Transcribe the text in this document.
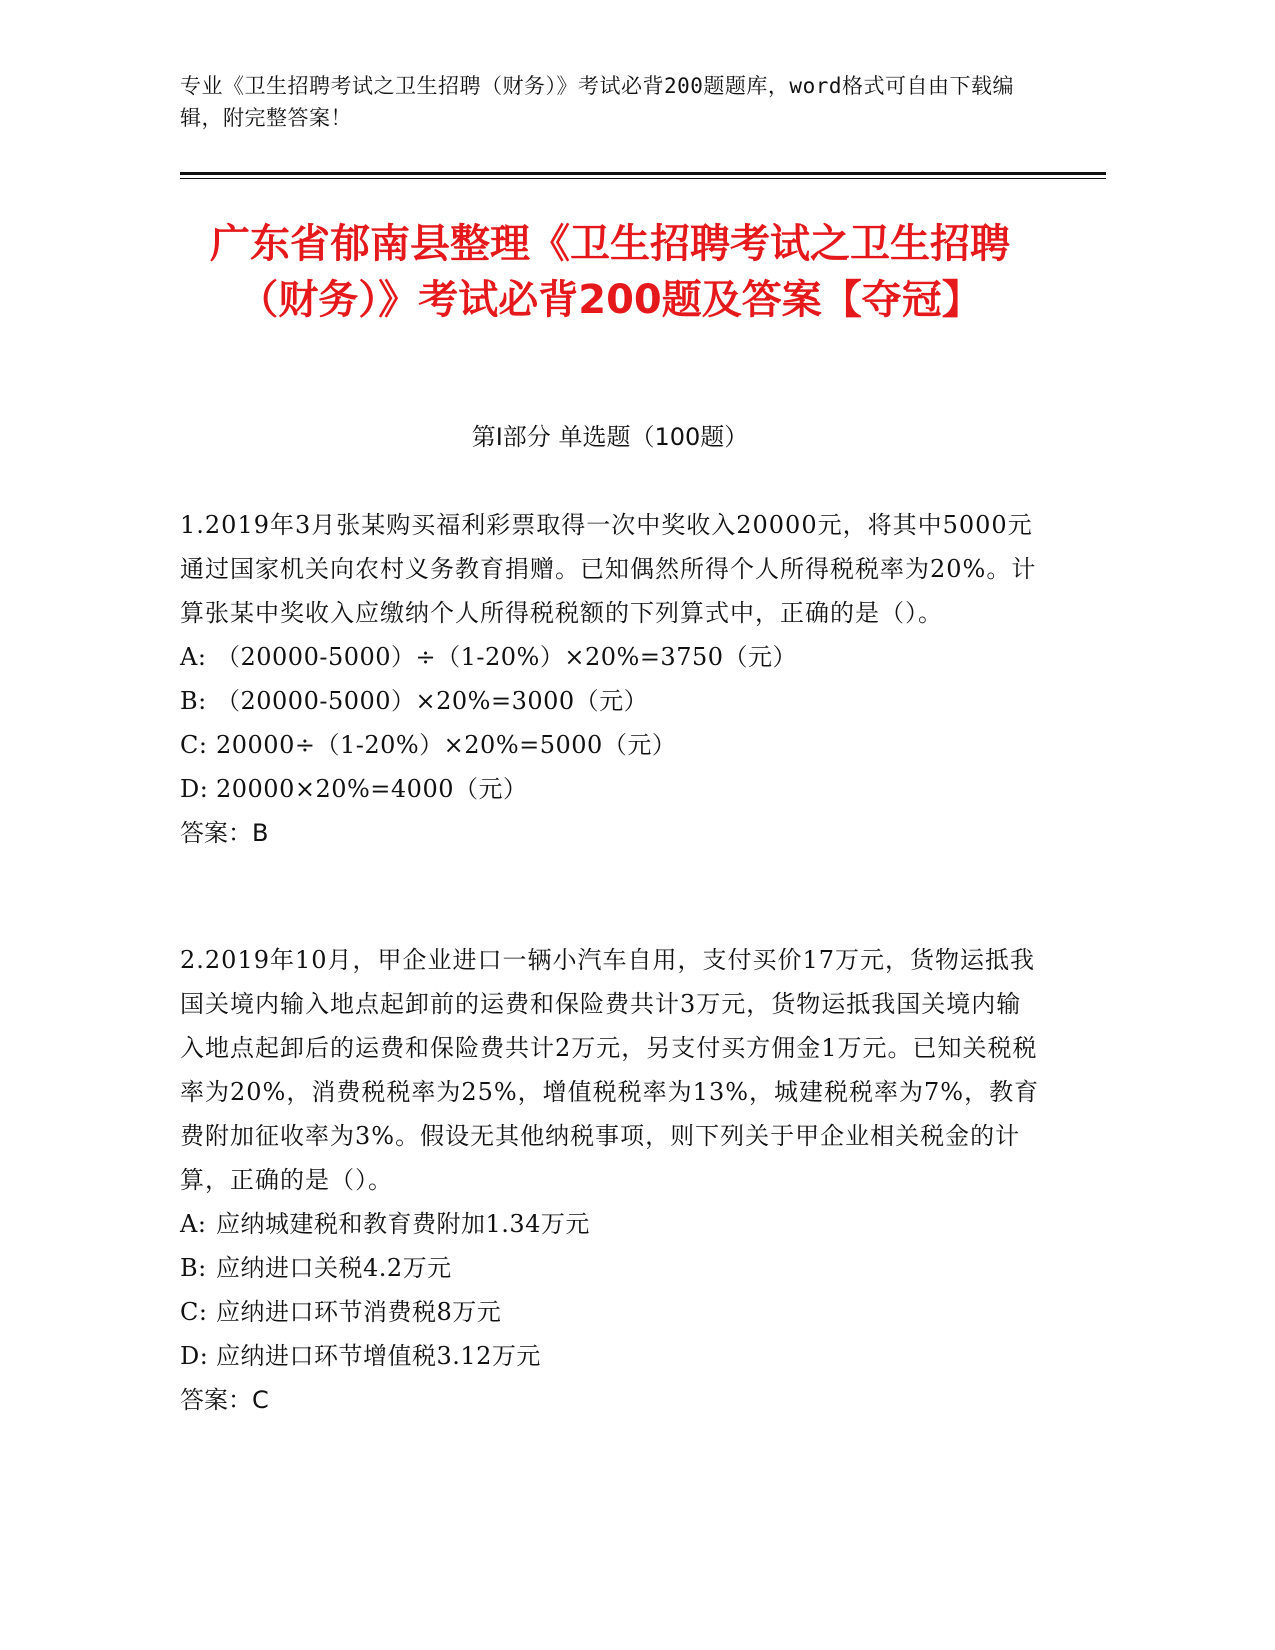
专业《卫生招聘考试之卫生招聘（财务）》考试必背200题题库，word格式可自由下载编辑，附完整答案！
广东省郁南县整理《卫生招聘考试之卫生招聘（财务）》考试必背200题及答案【夺冠】
第I部分 单选题（100题）
1.2019年3月张某购买福利彩票取得一次中奖收入20000元，将其中5000元通过国家机关向农村义务教育捐赠。已知偶然所得个人所得税税率为20%。计算张某中奖收入应缴纳个人所得税税额的下列算式中，正确的是（）。
A: （20000-5000）÷（1-20%）×20%=3750（元）
B: （20000-5000）×20%=3000（元）
C: 20000÷（1-20%）×20%=5000（元）
D: 20000×20%=4000（元）
答案：B
2.2019年10月，甲企业进口一辆小汽车自用，支付买价17万元，货物运抵我国关境内输入地点起卸前的运费和保险费共计3万元，货物运抵我国关境内输入地点起卸后的运费和保险费共计2万元，另支付买方佣金1万元。已知关税税率为20%，消费税税率为25%，增值税税率为13%，城建税税率为7%，教育费附加征收率为3%。假设无其他纳税事项，则下列关于甲企业相关税金的计算，正确的是（）。
A: 应纳城建税和教育费附加1.34万元
B: 应纳进口关税4.2万元
C: 应纳进口环节消费税8万元
D: 应纳进口环节增值税3.12万元
答案：C
